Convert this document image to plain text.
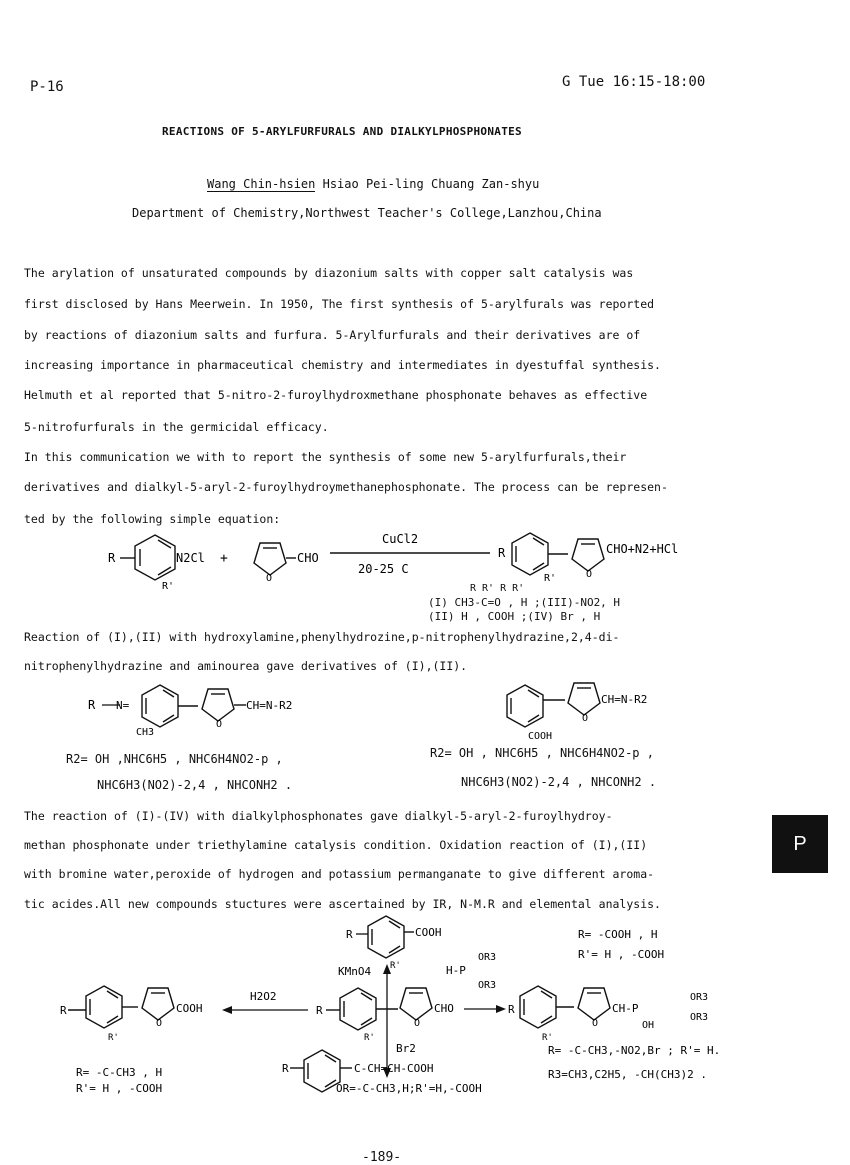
P-16	G Tue 16:15-18:00
REACTIONS OF 5-ARYLFURFURALS AND DIALKYLPHOSPHONATES
Wang Chin-hsien Hsiao Pei-ling Chuang Zan-shyu
Department of Chemistry,Northwest Teacher's College,Lanzhou,China
The arylation of unsaturated compounds by diazonium salts with copper salt catalysis was
first disclosed by Hans Meerwein. In 1950, The first synthesis of 5-arylfurals was reported
by reactions of diazonium salts and furfura. 5-Arylfurfurals and their derivatives are of
increasing importance in pharmaceutical chemistry and intermediates in dyestuffal synthesis.
Helmuth et al reported that 5-nitro-2-furoylhydroxmethane phosphonate behaves as effective
5-nitrofurfurals in the germicidal efficacy.
In this communication we with to report the synthesis of some new 5-arylfurfurals,their
derivatives and dialkyl-5-aryl-2-furoylhydroymethanephosphonate. The process can be represen-
ted by the following simple equation:
R	N2Cl
R'
+
O
CHO
CuCl2
20-25 C
R
R'	O
CHO+N2+HCl
R R' R R'
(I) CH3-C=O , H ;(III)-NO2, H
(II) H , COOH ;(IV) Br , H
Reaction of (I),(II) with hydroxylamine,phenylhydrozine,p-nitrophenylhydrazine,2,4-di-
nitrophenylhydrazine and aminourea gave derivatives of (I),(II).
R N=
CH3
O
CH=N-R2
COOH
O
CH=N-R2
R2= OH ,NHC6H5 , NHC6H4NO2-p ,
NHC6H3(NO2)-2,4 , NHCONH2 .
R2= OH , NHC6H5 , NHC6H4NO2-p ,
NHC6H3(NO2)-2,4 , NHCONH2 .
The reaction of (I)-(IV) with dialkylphosphonates gave dialkyl-5-aryl-2-furoylhydroy-
methan phosphonate under triethylamine catalysis condition. Oxidation reaction of (I),(II)
with bromine water,peroxide of hydrogen and potassium permanganate to give different aroma-
tic acides.All new compounds stuctures were ascertained by IR, N-M.R and elemental analysis.
P
R	COOH
R'
R= -COOH , H
R'= H , -COOH
KMnO4	H-P
OR3
OR3
R
R'
O
COOH
H2O2
R
R'
O
CHO	R
R'
O
CH-P
OH
OR3
OR3
Br2
R= -C-CH3 , H
R'= H , -COOH
R= -C-CH3,-NO2,Br ; R'= H.
R3=CH3,C2H5, -CH(CH3)2 .
R	C-CH=CH-COOH
OR=-C-CH3,H;R'=H,-COOH
-189-
